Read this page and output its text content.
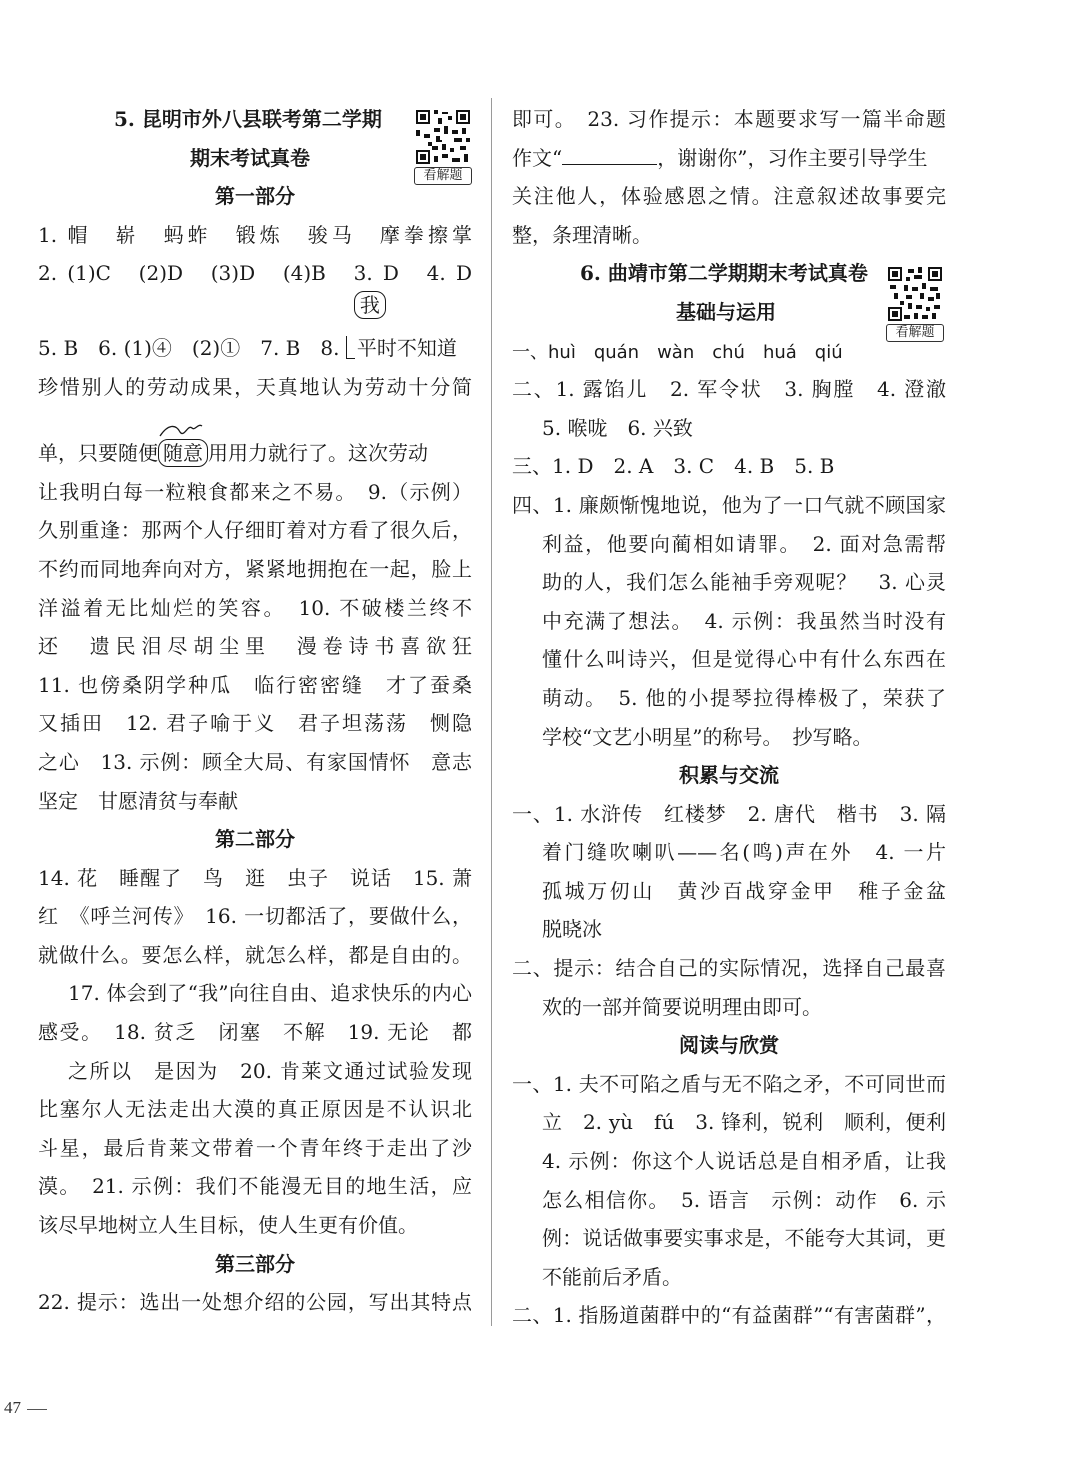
5. 昆明市外八县联考第二学期
期末考试真卷
第一部分
1. 帽　崭　蚂蚱　锻炼　骏马　摩拳擦掌
2. (1)C　(2)D　(3)D　(4)B　3. D　4. D
5. B　6. (1)④　(2)①　7. B　8.
我
平时不知道
珍惜别人的劳动成果，天真地认为劳动十分简
单，只要随便 随意 用用力就行了。这次劳动
让我明白每一粒粮食都来之不易。　9.（示例）
久别重逢：那两个人仔细盯着对方看了很久后，
不约而同地奔向对方，紧紧地拥抱在一起，脸上
洋溢着无比灿烂的笑容。　10. 不破楼兰终不
还　遗民泪尽胡尘里　漫卷诗书喜欲狂
11. 也傍桑阴学种瓜　临行密密缝　才了蚕桑
又插田　12. 君子喻于义　君子坦荡荡　恻隐
之心　13. 示例：顾全大局、有家国情怀　意志
坚定　甘愿清贫与奉献
第二部分
14. 花　睡醒了　鸟　逛　虫子　说话　15. 萧
红　《呼兰河传》　16. 一切都活了，要做什么，
就做什么。要怎么样，就怎么样，都是自由的。
17. 体会到了“我”向往自由、追求快乐的内心
感受。　18. 贫乏　闭塞　不解　19. 无论　都
之所以　是因为　20. 肯莱文通过试验发现
比塞尔人无法走出大漠的真正原因是不认识北
斗星，最后肯莱文带着一个青年终于走出了沙
漠。　21. 示例：我们不能漫无目的地生活，应
该尽早地树立人生目标，使人生更有价值。
第三部分
22. 提示：选出一处想介绍的公园，写出其特点
看解题
即可。　23. 习作提示：本题要求写一篇半命题
作文“	，谢谢你”，习作主要引导学生
关注他人，体验感恩之情。注意叙述故事要完
整，条理清晰。
6. 曲靖市第二学期期末考试真卷
基础与运用
一、huì　quán　wàn　chú　huá　qiú
二、1. 露馅儿　2. 军令状　3. 胸膛　4. 澄澈
5. 喉咙　6. 兴致
三、1. D　2. A　3. C　4. B　5. B
四、1. 廉颇惭愧地说，他为了一口气就不顾国家
利益，他要向蔺相如请罪。　2. 面对急需帮
助的人，我们怎么能袖手旁观呢？　3. 心灵
中充满了想法。　4. 示例：我虽然当时没有
懂什么叫诗兴，但是觉得心中有什么东西在
萌动。　5. 他的小提琴拉得棒极了，荣获了
学校“文艺小明星”的称号。　抄写略。
积累与交流
一、1. 水浒传　红楼梦　2. 唐代　楷书　3. 隔
着门缝吹喇叭——名(鸣)声在外　4. 一片
孤城万仞山　黄沙百战穿金甲　稚子金盆
脱晓冰
二、提示：结合自己的实际情况，选择自己最喜
欢的一部并简要说明理由即可。
阅读与欣赏
一、1. 夫不可陷之盾与无不陷之矛，不可同世而
立　2. yù　fú　3. 锋利，锐利　顺利，便利
4. 示例：你这个人说话总是自相矛盾，让我
怎么相信你。　5. 语言　示例：动作　6. 示
例：说话做事要实事求是，不能夸大其词，更
不能前后矛盾。
二、1. 指肠道菌群中的“有益菌群”“有害菌群”，
看解题
47
